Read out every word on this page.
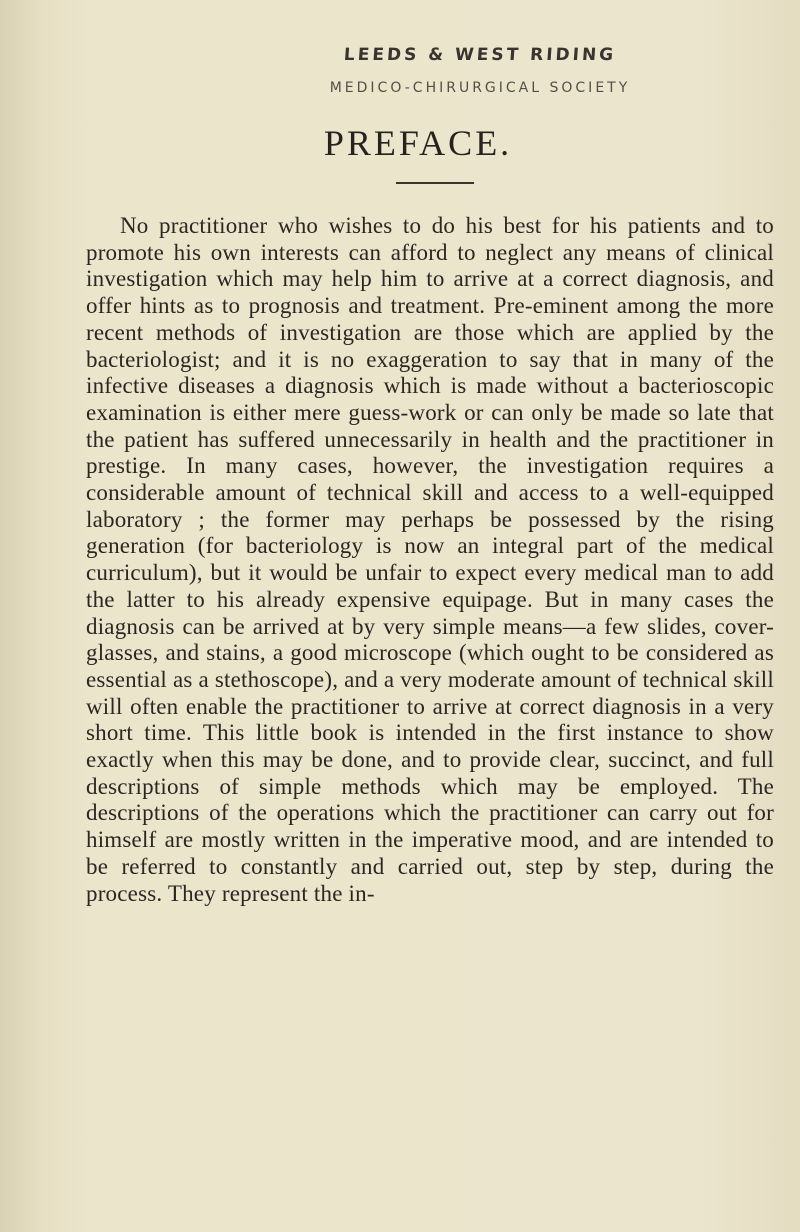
LEEDS & WEST RIDING
MEDICO-CHIRURGICAL SOCIETY
PREFACE.

No practitioner who wishes to do his best for his patients and to promote his own interests can afford to neglect any means of clinical investigation which may help him to arrive at a correct diagnosis, and offer hints as to prognosis and treatment. Pre-eminent among the more recent methods of investigation are those which are applied by the bacteriologist; and it is no exaggeration to say that in many of the infective diseases a diagnosis which is made without a bacterioscopic examination is either mere guess-work or can only be made so late that the patient has suffered unnecessarily in health and the practitioner in prestige. In many cases, however, the investigation requires a considerable amount of technical skill and access to a well-equipped laboratory ; the former may perhaps be possessed by the rising generation (for bacteriology is now an integral part of the medical curriculum), but it would be unfair to expect every medical man to add the latter to his already expensive equipage. But in many cases the diagnosis can be arrived at by very simple means—a few slides, cover-glasses, and stains, a good microscope (which ought to be considered as essential as a stethoscope), and a very moderate amount of technical skill will often enable the practitioner to arrive at correct diagnosis in a very short time. This little book is intended in the first instance to show exactly when this may be done, and to provide clear, succinct, and full descriptions of simple methods which may be employed. The descriptions of the operations which the practitioner can carry out for himself are mostly written in the imperative mood, and are intended to be referred to constantly and carried out, step by step, during the process. They represent the in-
